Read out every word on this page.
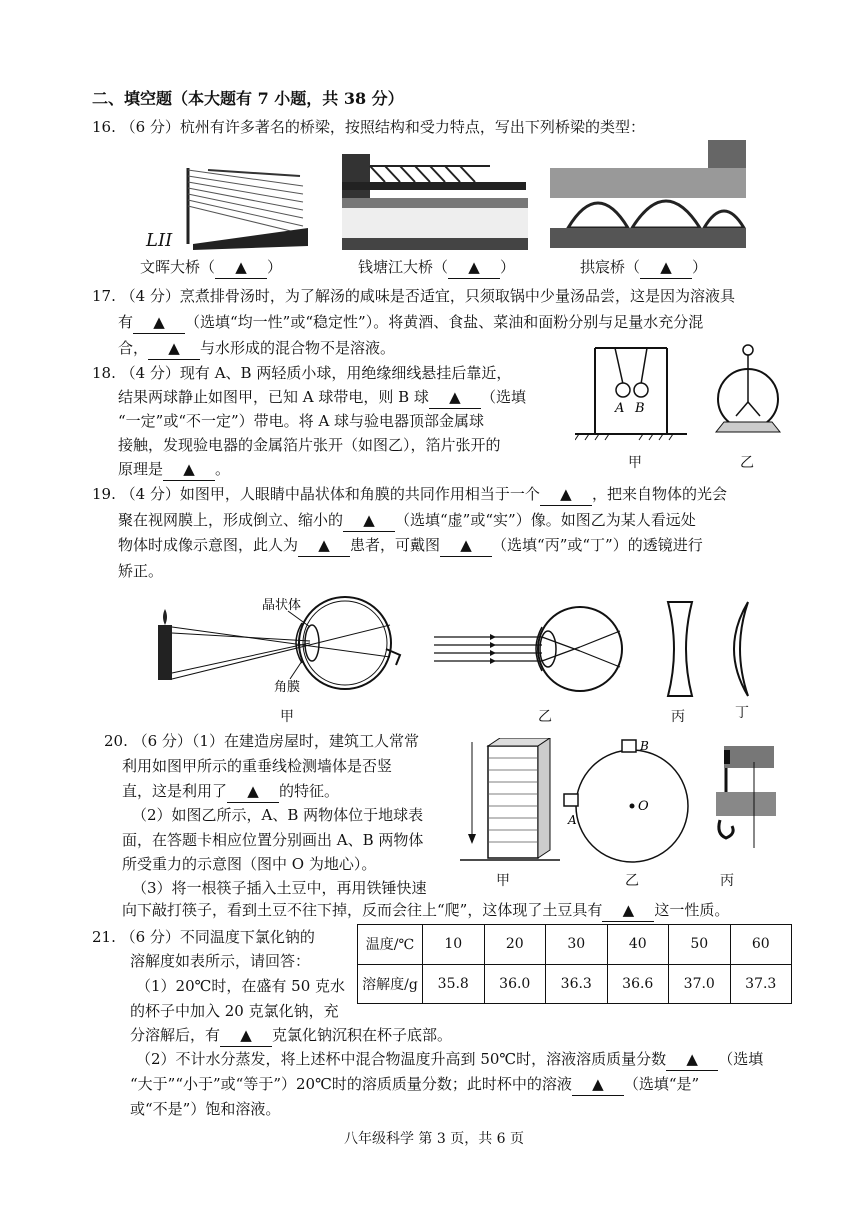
二、填空题（本大题有 7 小题，共 38 分）
16. （6 分）杭州有许多著名的桥梁，按照结构和受力特点，写出下列桥梁的类型：
LII
文晖大桥（ ▲ ）	钱塘江大桥（ ▲ ）	拱宸桥（ ▲ ）
17. （4 分）烹煮排骨汤时，为了解汤的咸味是否适宜，只须取锅中少量汤品尝，这是因为溶液具
有 ▲ （选填“均一性”或“稳定性”）。将黄酒、食盐、菜油和面粉分别与足量水充分混
合， ▲ 与水形成的混合物不是溶液。
18. （4 分）现有 A、B 两轻质小球，用绝缘细线悬挂后靠近，
结果两球静止如图甲，已知 A 球带电，则 B 球 ▲ （选填
“一定”或“不一定”）带电。将 A 球与验电器顶部金属球
接触，发现验电器的金属箔片张开（如图乙），箔片张开的
原理是 ▲ 。
A B
甲	乙
19. （4 分）如图甲，人眼睛中晶状体和角膜的共同作用相当于一个 ▲ ，把来自物体的光会
聚在视网膜上，形成倒立、缩小的 ▲ （选填“虚”或“实”）像。如图乙为某人看远处
物体时成像示意图，此人为 ▲ 患者，可戴图 ▲ （选填“丙”或“丁”）的透镜进行
矫正。
晶状体
角膜
甲	乙	丙	丁
20. （6 分）（1）在建造房屋时，建筑工人常常
利用如图甲所示的重垂线检测墙体是否竖
直，这是利用了 ▲ 的特征。
（2）如图乙所示，A、B 两物体位于地球表
面，在答题卡相应位置分别画出 A、B 两物体
所受重力的示意图（图中 O 为地心）。
（3）将一根筷子插入土豆中，再用铁锤快速
向下敲打筷子，看到土豆不往下掉，反而会往上“爬”，这体现了土豆具有 ▲ 这一性质。
甲
B
A
O
乙	丙
21. （6 分）不同温度下氯化钠的
溶解度如表所示，请回答：
（1）20℃时，在盛有 50 克水
的杯子中加入 20 克氯化钠，充
分溶解后，有 ▲ 克氯化钠沉积在杯子底部。
（2）不计水分蒸发，将上述杯中混合物温度升高到 50℃时，溶液溶质质量分数 ▲ （选填
“大于”“小于”或“等于”）20℃时的溶质质量分数；此时杯中的溶液 ▲ （选填“是”
或“不是”）饱和溶液。
温度/℃	10	20	30	40	50	60
溶解度/g	35.8	36.0	36.3	36.6	37.0	37.3
八年级科学 第 3 页，共 6 页
